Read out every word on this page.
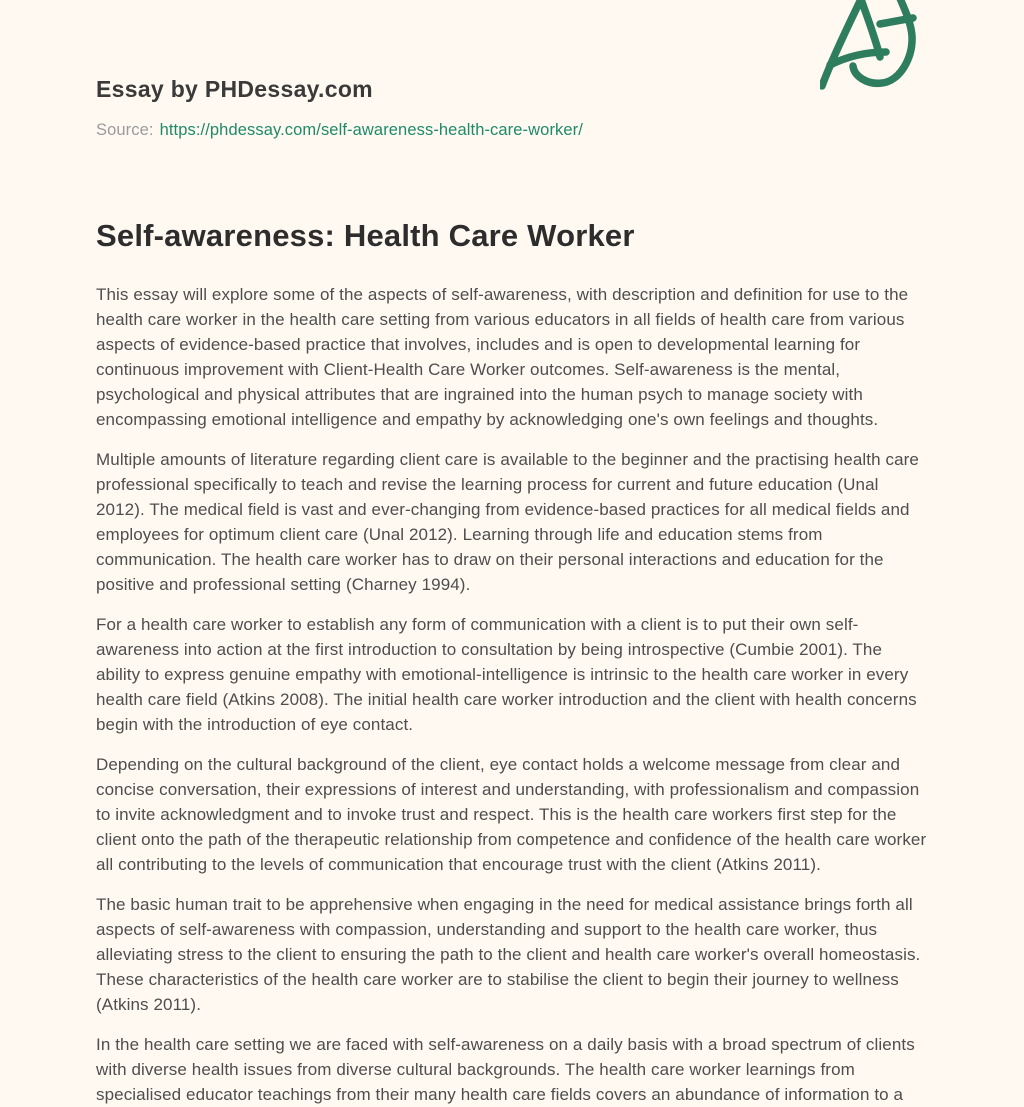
Essay by PHDessay.com
Source: https://phdessay.com/self-awareness-health-care-worker/
Self-awareness: Health Care Worker

This essay will explore some of the aspects of self-awareness, with description and definition for use to the health care worker in the health care setting from various educators in all fields of health care from various aspects of evidence-based practice that involves, includes and is open to developmental learning for continuous improvement with Client-Health Care Worker outcomes. Self-awareness is the mental, psychological and physical attributes that are ingrained into the human psych to manage society with encompassing emotional intelligence and empathy by acknowledging one's own feelings and thoughts.

Multiple amounts of literature regarding client care is available to the beginner and the practising health care professional specifically to teach and revise the learning process for current and future education (Unal 2012). The medical field is vast and ever-changing from evidence-based practices for all medical fields and employees for optimum client care (Unal 2012). Learning through life and education stems from communication. The health care worker has to draw on their personal interactions and education for the positive and professional setting (Charney 1994).

For a health care worker to establish any form of communication with a client is to put their own self-awareness into action at the first introduction to consultation by being introspective (Cumbie 2001). The ability to express genuine empathy with emotional-intelligence is intrinsic to the health care worker in every health care field (Atkins 2008). The initial health care worker introduction and the client with health concerns begin with the introduction of eye contact.

Depending on the cultural background of the client, eye contact holds a welcome message from clear and concise conversation, their expressions of interest and understanding, with professionalism and compassion to invite acknowledgment and to invoke trust and respect. This is the health care workers first step for the client onto the path of the therapeutic relationship from competence and confidence of the health care worker all contributing to the levels of communication that encourage trust with the client (Atkins 2011).

The basic human trait to be apprehensive when engaging in the need for medical assistance brings forth all aspects of self-awareness with compassion, understanding and support to the health care worker, thus alleviating stress to the client to ensuring the path to the client and health care worker's overall homeostasis. These characteristics of the health care worker are to stabilise the client to begin their journey to wellness (Atkins 2011).

In the health care setting we are faced with self-awareness on a daily basis with a broad spectrum of clients with diverse health issues from diverse cultural backgrounds. The health care worker learnings from specialised educator teachings from their many health care fields covers an abundance of information to a
